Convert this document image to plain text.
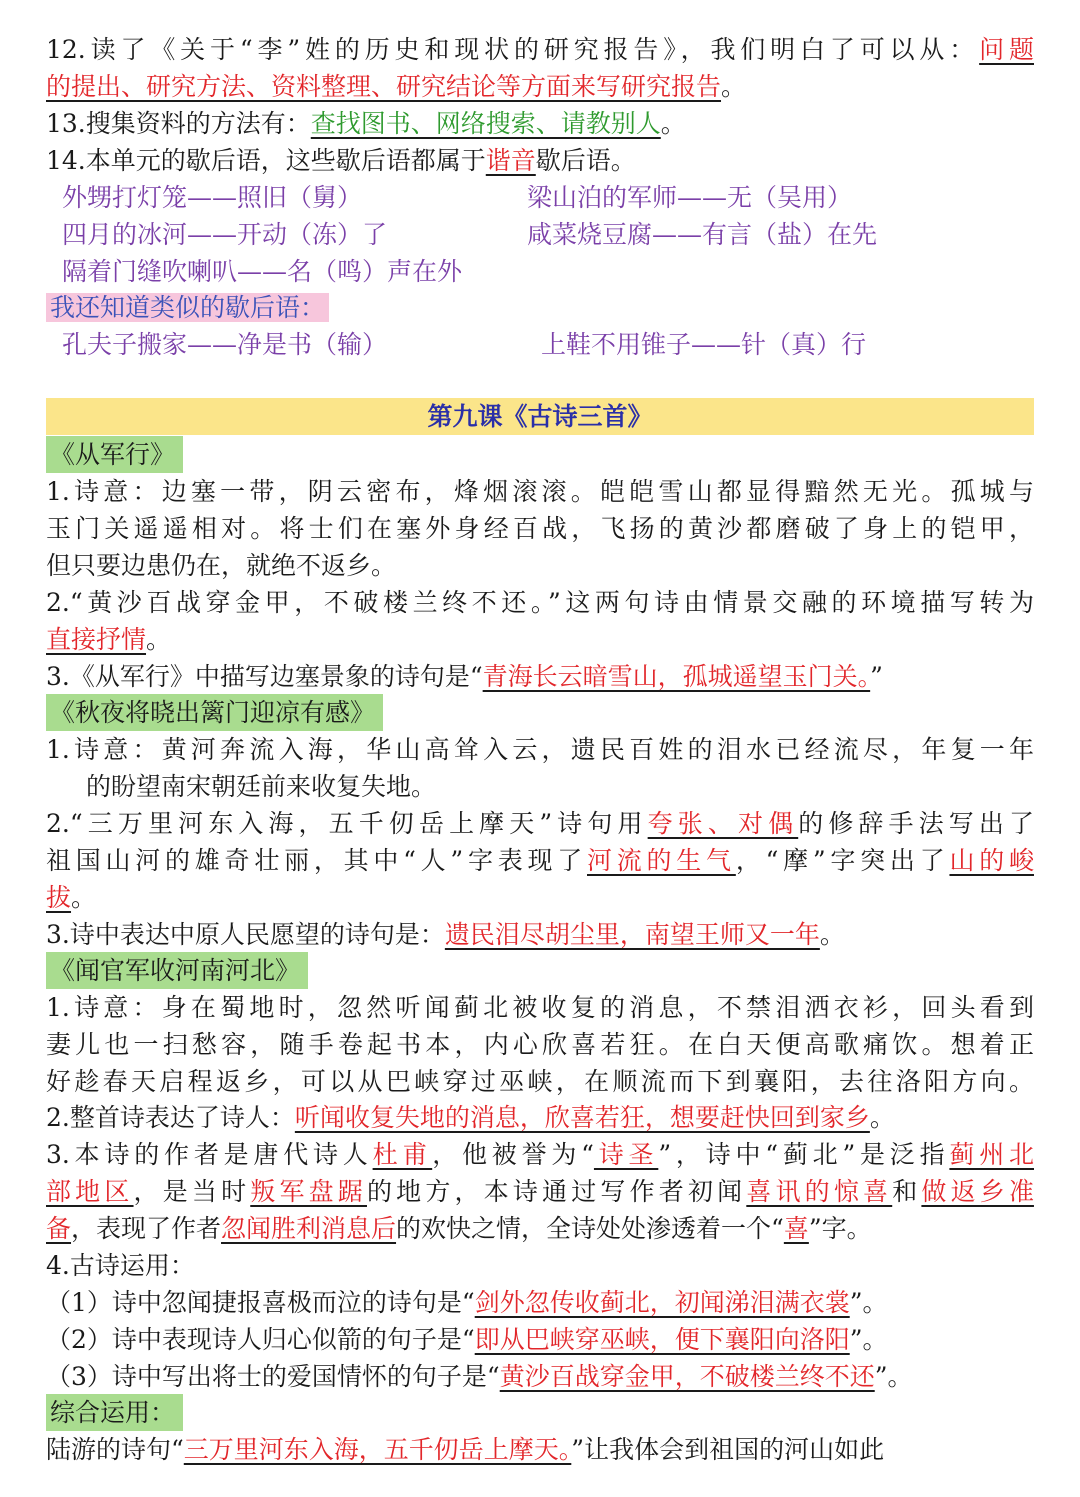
12.读了《关于“李”姓的历史和现状的研究报告》，我们明白了可以从：问题
的提出、研究方法、资料整理、研究结论等方面来写研究报告。
13.搜集资料的方法有：查找图书、网络搜索、请教别人。
14.本单元的歇后语，这些歇后语都属于谐音歇后语。
外甥打灯笼——照旧（舅）	梁山泊的军师——无（吴用）
四月的冰河——开动（冻）了	咸菜烧豆腐——有言（盐）在先
隔着门缝吹喇叭——名（鸣）声在外
我还知道类似的歇后语：
孔夫子搬家——净是书（输）	上鞋不用锥子——针（真）行
第九课《古诗三首》
《从军行》
1.诗意：边塞一带，阴云密布，烽烟滚滚。皑皑雪山都显得黯然无光。孤城与
玉门关遥遥相对。将士们在塞外身经百战，飞扬的黄沙都磨破了身上的铠甲，
但只要边患仍在，就绝不返乡。
2.“黄沙百战穿金甲，不破楼兰终不还。”这两句诗由情景交融的环境描写转为
直接抒情。
3.《从军行》中描写边塞景象的诗句是“青海长云暗雪山，孤城遥望玉门关。”
《秋夜将晓出篱门迎凉有感》
1.诗意：黄河奔流入海，华山高耸入云，遗民百姓的泪水已经流尽，年复一年
的盼望南宋朝廷前来收复失地。
2.“三万里河东入海，五千仞岳上摩天”诗句用夸张、对偶的修辞手法写出了
祖国山河的雄奇壮丽，其中“人”字表现了河流的生气，“摩”字突出了山的峻
拔。
3.诗中表达中原人民愿望的诗句是：遗民泪尽胡尘里，南望王师又一年。
《闻官军收河南河北》
1.诗意：身在蜀地时，忽然听闻蓟北被收复的消息，不禁泪洒衣衫，回头看到
妻儿也一扫愁容，随手卷起书本，内心欣喜若狂。在白天便高歌痛饮。想着正
好趁春天启程返乡，可以从巴峡穿过巫峡，在顺流而下到襄阳，去往洛阳方向。
2.整首诗表达了诗人：听闻收复失地的消息，欣喜若狂，想要赶快回到家乡。
3.本诗的作者是唐代诗人杜甫，他被誉为“诗圣”，诗中“蓟北”是泛指蓟州北
部地区，是当时叛军盘踞的地方，本诗通过写作者初闻喜讯的惊喜和做返乡准
备，表现了作者忽闻胜利消息后的欢快之情，全诗处处渗透着一个“喜”字。
4.古诗运用：
（1）诗中忽闻捷报喜极而泣的诗句是“剑外忽传收蓟北，初闻涕泪满衣裳”。
（2）诗中表现诗人归心似箭的句子是“即从巴峡穿巫峡，便下襄阳向洛阳”。
（3）诗中写出将士的爱国情怀的句子是“黄沙百战穿金甲，不破楼兰终不还”。
综合运用：
陆游的诗句“三万里河东入海，五千仞岳上摩天。”让我体会到祖国的河山如此
